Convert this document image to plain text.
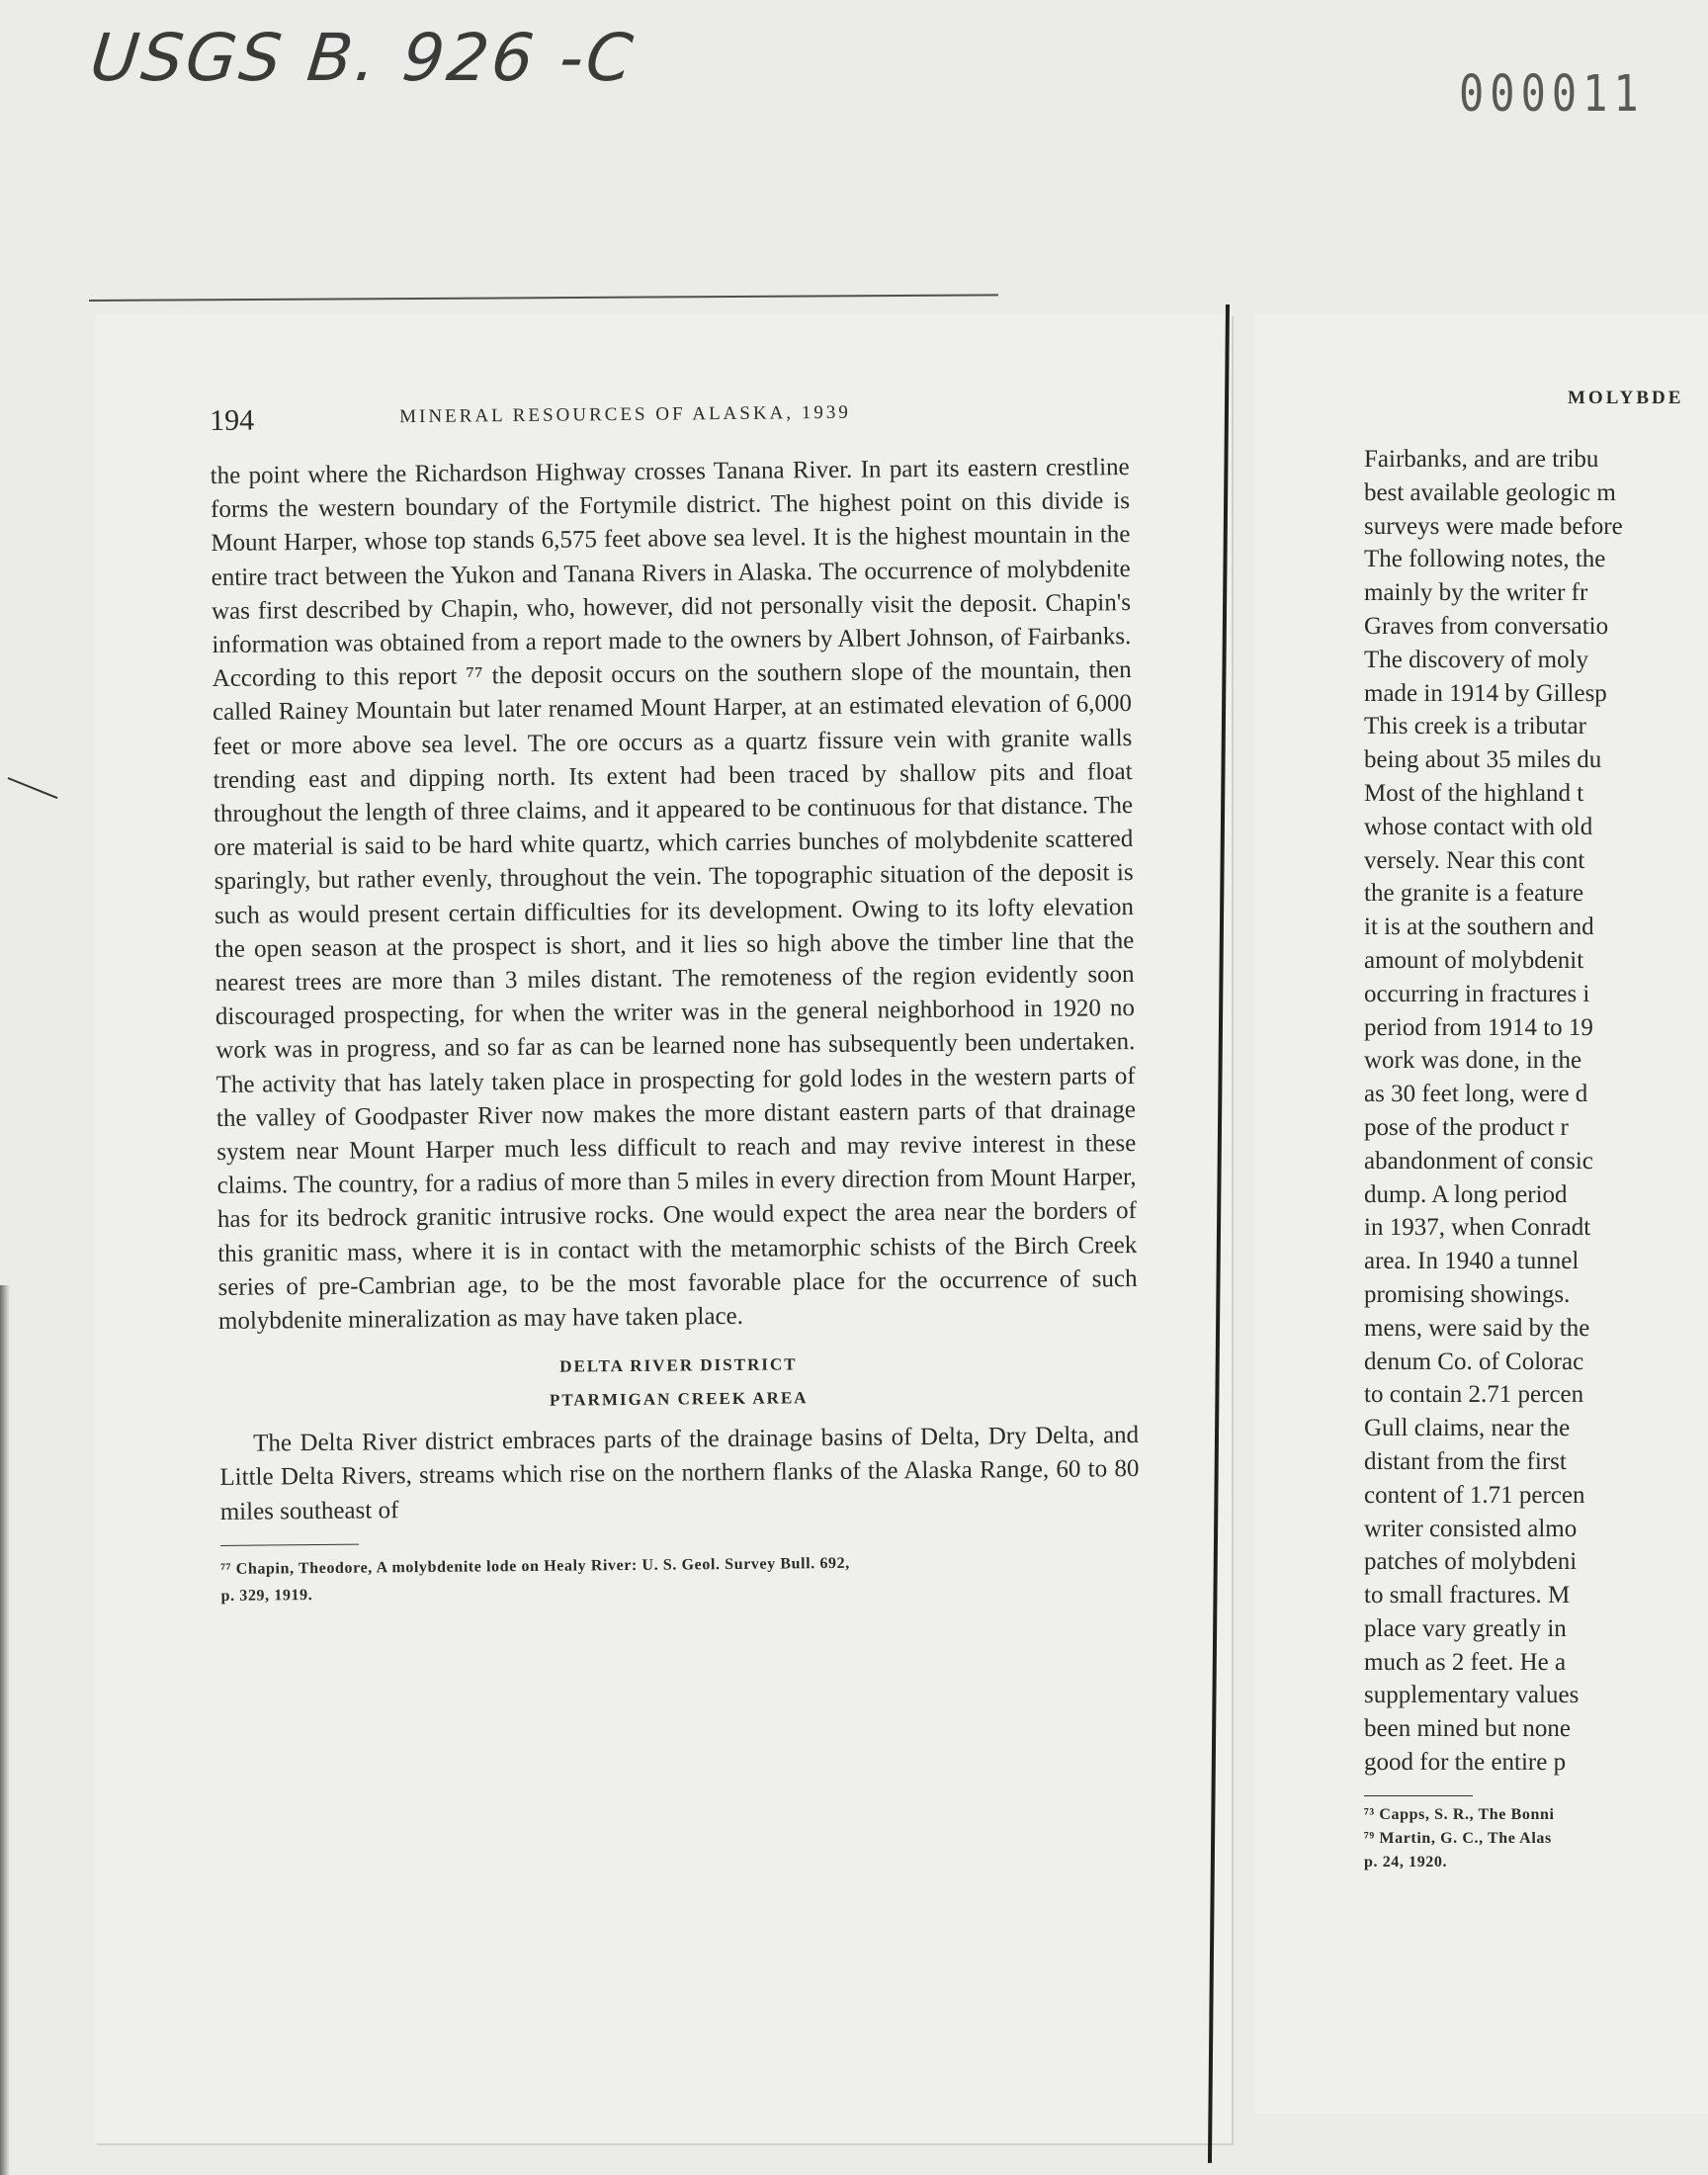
USGS B. 926 -C	000011
194	MINERAL RESOURCES OF ALASKA, 1939

the point where the Richardson Highway crosses Tanana River. In part its eastern crestline forms the western boundary of the Fortymile district. The highest point on this divide is Mount Harper, whose top stands 6,575 feet above sea level. It is the highest mountain in the entire tract between the Yukon and Tanana Rivers in Alaska. The occurrence of molybdenite was first described by Chapin, who, however, did not personally visit the deposit. Chapin's information was obtained from a report made to the owners by Albert Johnson, of Fairbanks. According to this report ⁷⁷ the deposit occurs on the southern slope of the mountain, then called Rainey Mountain but later renamed Mount Harper, at an estimated elevation of 6,000 feet or more above sea level. The ore occurs as a quartz fissure vein with granite walls trending east and dipping north. Its extent had been traced by shallow pits and float throughout the length of three claims, and it appeared to be continuous for that distance. The ore material is said to be hard white quartz, which carries bunches of molybdenite scattered sparingly, but rather evenly, throughout the vein. The topographic situation of the deposit is such as would present certain difficulties for its development. Owing to its lofty elevation the open season at the prospect is short, and it lies so high above the timber line that the nearest trees are more than 3 miles distant. The remoteness of the region evidently soon discouraged prospecting, for when the writer was in the general neighborhood in 1920 no work was in progress, and so far as can be learned none has subsequently been undertaken. The activity that has lately taken place in prospecting for gold lodes in the western parts of the valley of Goodpaster River now makes the more distant eastern parts of that drainage system near Mount Harper much less difficult to reach and may revive interest in these claims. The country, for a radius of more than 5 miles in every direction from Mount Harper, has for its bedrock granitic intrusive rocks. One would expect the area near the borders of this granitic mass, where it is in contact with the metamorphic schists of the Birch Creek series of pre-Cambrian age, to be the most favorable place for the occurrence of such molybdenite mineralization as may have taken place.

DELTA RIVER DISTRICT

PTARMIGAN CREEK AREA

The Delta River district embraces parts of the drainage basins of Delta, Dry Delta, and Little Delta Rivers, streams which rise on the northern flanks of the Alaska Range, 60 to 80 miles southeast of

⁷⁷ Chapin, Theodore, A molybdenite lode on Healy River: U. S. Geol. Survey Bull. 692,

p. 329, 1919.

MOLYBDE
Fairbanks, and are tribu
best available geologic m
surveys were made before
The following notes, the
mainly by the writer fr
Graves from conversatio
The discovery of moly
made in 1914 by Gillesp
This creek is a tributar
being about 35 miles du
Most of the highland t
whose contact with old
versely. Near this cont
the granite is a feature
it is at the southern and
amount of molybdenit
occurring in fractures i
period from 1914 to 19
work was done, in the
as 30 feet long, were d
pose of the product r
abandonment of consic
dump. A long period
in 1937, when Conradt
area. In 1940 a tunnel
promising showings.
mens, were said by the
denum Co. of Colorac
to contain 2.71 percen
Gull claims, near the
distant from the first
content of 1.71 percen
writer consisted almo
patches of molybdeni
to small fractures. M
place vary greatly in
much as 2 feet. He a
supplementary values
been mined but none
good for the entire p
⁷³ Capps, S. R., The Bonni
⁷⁹ Martin, G. C., The Alas
p. 24, 1920.
